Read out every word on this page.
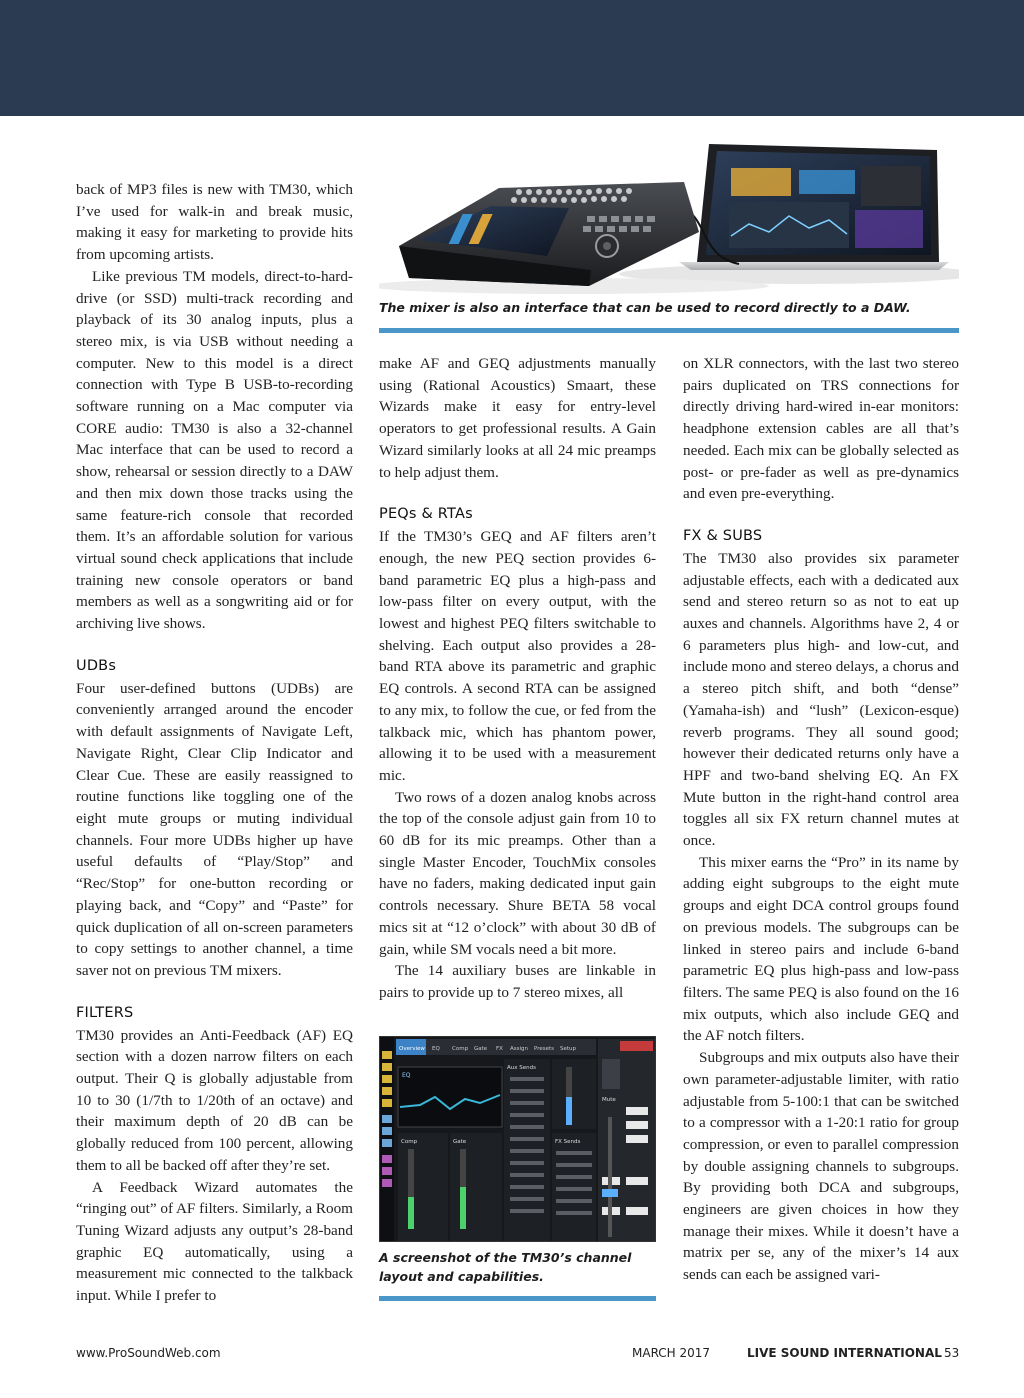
back of MP3 files is new with TM30, which I’ve used for walk-in and break music, making it easy for marketing to provide hits from upcoming artists.

Like previous TM models, direct-to-hard-drive (or SSD) multi-track recording and playback of its 30 analog inputs, plus a stereo mix, is via USB without needing a computer. New to this model is a direct connection with Type B USB-to-recording software running on a Mac computer via CORE audio: TM30 is also a 32-channel Mac interface that can be used to record a show, rehearsal or session directly to a DAW and then mix down those tracks using the same feature-rich console that recorded them. It’s an affordable solution for various virtual sound check applications that include training new console operators or band members as well as a songwriting aid or for archiving live shows.

UDBs

Four user-defined buttons (UDBs) are conveniently arranged around the encoder with default assignments of Navigate Left, Navigate Right, Clear Clip Indicator and Clear Cue. These are easily reassigned to routine functions like toggling one of the eight mute groups or muting individual channels. Four more UDBs higher up have useful defaults of “Play/Stop” and “Rec/Stop” for one-button recording or playing back, and “Copy” and “Paste” for quick duplication of all on-screen parameters to copy settings to another channel, a time saver not on previous TM mixers.

FILTERS

TM30 provides an Anti-Feedback (AF) EQ section with a dozen narrow filters on each output. Their Q is globally adjustable from 10 to 30 (1/7th to 1/20th of an octave) and their maximum depth of 20 dB can be globally reduced from 100 percent, allowing them to all be backed off after they’re set.

A Feedback Wizard automates the “ringing out” of AF filters. Similarly, a Room Tuning Wizard adjusts any output’s 28-band graphic EQ automatically, using a measurement mic connected to the talkback input. While I prefer to

The mixer is also an interface that can be used to record directly to a DAW.

make AF and GEQ adjustments manually using (Rational Acoustics) Smaart, these Wizards make it easy for entry-level operators to get professional results. A Gain Wizard similarly looks at all 24 mic preamps to help adjust them.

PEQs & RTAs

If the TM30’s GEQ and AF filters aren’t enough, the new PEQ section provides 6-band parametric EQ plus a high-pass and low-pass filter on every output, with the lowest and highest PEQ filters switchable to shelving. Each output also provides a 28-band RTA above its parametric and graphic EQ controls. A second RTA can be assigned to any mix, to follow the cue, or fed from the talkback mic, which has phantom power, allowing it to be used with a measurement mic.

Two rows of a dozen analog knobs across the top of the console adjust gain from 10 to 60 dB for its mic preamps. Other than a single Master Encoder, TouchMix consoles have no faders, making dedicated input gain controls necessary. Shure BETA 58 vocal mics sit at “12 o’clock” with about 30 dB of gain, while SM vocals need a bit more.

The 14 auxiliary buses are linkable in pairs to provide up to 7 stereo mixes, all

Overview EQ Comp Gate FX Assign Presets Setup
Mute
EQ
Comp	Gate
Aux Sends
FX Sends
A screenshot of the TM30’s channel layout and capabilities.

on XLR connectors, with the last two stereo pairs duplicated on TRS connections for directly driving hard-wired in-ear monitors: headphone extension cables are all that’s needed. Each mix can be globally selected as post- or pre-fader as well as pre-dynamics and even pre-everything.

FX & SUBS

The TM30 also provides six parameter adjustable effects, each with a dedicated aux send and stereo return so as not to eat up auxes and channels. Algorithms have 2, 4 or 6 parameters plus high- and low-cut, and include mono and stereo delays, a chorus and a stereo pitch shift, and both “dense” (Yamaha-ish) and “lush” (Lexicon-esque) reverb programs. They all sound good; however their dedicated returns only have a HPF and two-band shelving EQ. An FX Mute button in the right-hand control area toggles all six FX return channel mutes at once.

This mixer earns the “Pro” in its name by adding eight subgroups to the eight mute groups and eight DCA control groups found on previous models. The subgroups can be linked in stereo pairs and include 6-band parametric EQ plus high-pass and low-pass filters. The same PEQ is also found on the 16 mix outputs, which also include GEQ and the AF notch filters.

Subgroups and mix outputs also have their own parameter-adjustable limiter, with ratio adjustable from 5-100:1 that can be switched to a compressor with a 1-20:1 ratio for group compression, or even to parallel compression by double assigning channels to subgroups. By providing both DCA and subgroups, engineers are given choices in how they manage their mixes. While it doesn’t have a matrix per se, any of the mixer’s 14 aux sends can each be assigned vari-

www.ProSoundWeb.com	MARCH 2017	LIVE SOUND INTERNATIONAL 53
